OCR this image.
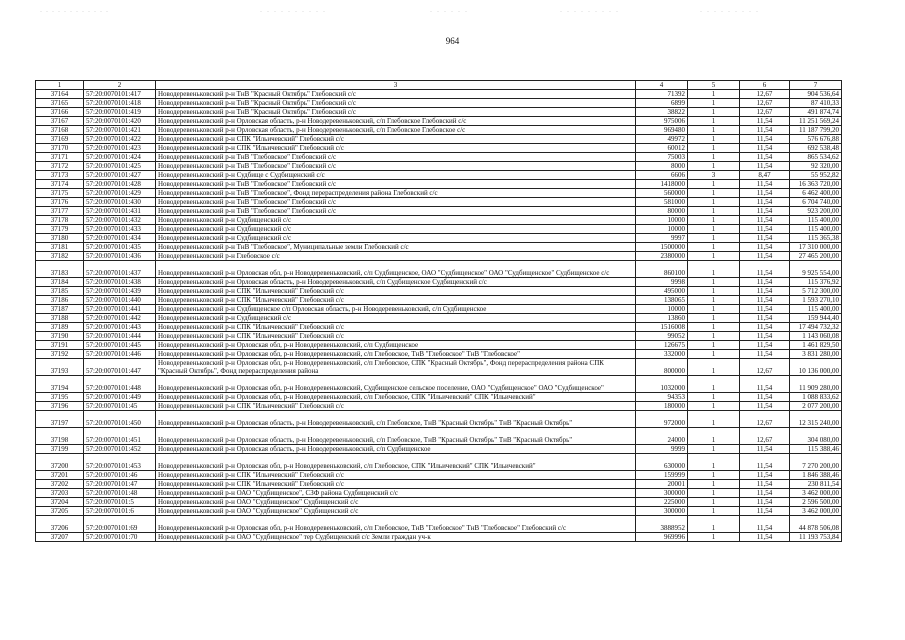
964
1	2	3	4	5	6	7
37164	57:20:0070101:417	Новодеревеньковский р-н ТнВ "Красный Октябрь" Глебовский с/с	71392	1	12,67	904 536,64
37165	57:20:0070101:418	Новодеревеньковский р-н ТнВ "Красный Октябрь" Глебовский с/с	6899	1	12,67	87 410,33
37166	57:20:0070101:419	Новодеревеньковский р-н ТнВ "Красный Октябрь" Глебовский с/с	38822	1	12,67	491 874,74
37167	57:20:0070101:420	Новодеревеньковский р-н Орловская область, р-н Новодеревеньковский, с/п Глебовское Глебовский с/с	975006	1	11,54	11 251 569,24
37168	57:20:0070101:421	Новодеревеньковский р-н Орловская область, р-н Новодеревеньковский, с/п Глебовское Глебовское с/с	969480	1	11,54	11 187 799,20
37169	57:20:0070101:422	Новодеревеньковский р-н СПК "Ильичевский" Глебовский с/с	49972	1	11,54	576 676,88
37170	57:20:0070101:423	Новодеревеньковский р-н СПК "Ильичевский" Глебовский с/с	60012	1	11,54	692 538,48
37171	57:20:0070101:424	Новодеревеньковский р-н ТнВ "Глебовское" Глебовский с/с	75003	1	11,54	865 534,62
37172	57:20:0070101:425	Новодеревеньковский р-н ТнВ "Глебовское" Глебовский с/с	8000	1	11,54	92 320,00
37173	57:20:0070101:427	Новодеревеньковский р-н Судбище с Судбищенский с/с	6606	3	8,47	55 952,82
37174	57:20:0070101:428	Новодеревеньковский р-н ТнВ "Глебовское" Глебовский с/с	1418000	1	11,54	16 363 720,00
37175	57:20:0070101:429	Новодеревеньковский р-н ТнВ "Глебовское", Фонд перераспределения района Глебовский с/с	560000	1	11,54	6 462 400,00
37176	57:20:0070101:430	Новодеревеньковский р-н ТнВ "Глебовское" Глебовский с/с	581000	1	11,54	6 704 740,00
37177	57:20:0070101:431	Новодеревеньковский р-н ТнВ "Глебовское" Глебовский с/с	80000	1	11,54	923 200,00
37178	57:20:0070101:432	Новодеревеньковский р-н Судбищенский с/с	10000	1	11,54	115 400,00
37179	57:20:0070101:433	Новодеревеньковский р-н Судбищенский с/с	10000	1	11,54	115 400,00
37180	57:20:0070101:434	Новодеревеньковский р-н Судбищенский с/с	9997	1	11,54	115 365,38
37181	57:20:0070101:435	Новодеревеньковский р-н ТнВ "Глебовское", Муниципальные земли Глебовский с/с	1500000	1	11,54	17 310 000,00
37182	57:20:0070101:436	Новодеревеньковский р-н Глебовское с/с	2380000	1	11,54	27 465 200,00
37183	57:20:0070101:437	Новодеревеньковский р-н Орловская обл, р-н Новодеревеньковский, с/п Судбищенское, ОАО "Судбищенское" ОАО "Судбищенское" Судбищенское с/с	860100	1	11,54	9 925 554,00
37184	57:20:0070101:438	Новодеревеньковский р-н Орловская область, р-н Новодеревеньковский, с/п Судбищенское Судбищенский с/с	9998	1	11,54	115 376,92
37185	57:20:0070101:439	Новодеревеньковский р-н СПК "Ильичевский" Глебовский с/с	495000	1	11,54	5 712 300,00
37186	57:20:0070101:440	Новодеревеньковский р-н СПК "Ильичевский" Глебовский с/с	138065	1	11,54	1 593 270,10
37187	57:20:0070101:441	Новодеревеньковский р-н Судбищенское с/п Орловская область, р-н Новодеревеньковский, с/п Судбищенское	10000	1	11,54	115 400,00
37188	57:20:0070101:442	Новодеревеньковский р-н Судбищенский с/с	13860	1	11,54	159 944,40
37189	57:20:0070101:443	Новодеревеньковский р-н СПК "Ильичевский" Глебовский с/с	1516008	1	11,54	17 494 732,32
37190	57:20:0070101:444	Новодеревеньковский р-н СПК "Ильичевский" Глебовский с/с	99052	1	11,54	1 143 060,08
37191	57:20:0070101:445	Новодеревеньковский р-н Орловская обл, р-н Новодеревеньковский, с/п Судбищенское	126675	1	11,54	1 461 829,50
37192	57:20:0070101:446	Новодеревеньковский р-н Орловская обл, р-н Новодеревеньковский, с/п Глебовское, ТнВ "Глебовское" ТнВ "Глебовское"	332000	1	11,54	3 831 280,00
37193	57:20:0070101:447	Новодеревеньковский р-н Орловская обл, р-н Новодеревеньковский, с/п Глебовское, СПК "Красный Октябрь", Фонд перераспределения района СПК "Красный Октябрь", Фонд перераспределения района	800000	1	12,67	10 136 000,00
37194	57:20:0070101:448	Новодеревеньковский р-н Орловская обл, р-н Новодеревеньковский, Судбищенское сельское поселение, ОАО "Судбищенское" ОАО "Судбищенское"	1032000	1	11,54	11 909 280,00
37195	57:20:0070101:449	Новодеревеньковский р-н Орловская обл, р-н Новодеревеньковский, с/п Глебовское, СПК "Ильичевский" СПК "Ильичевский"	94353	1	11,54	1 088 833,62
37196	57:20:0070101:45	Новодеревеньковский р-н СПК "Ильичевский" Глебовский с/с	180000	1	11,54	2 077 200,00
37197	57:20:0070101:450	Новодеревеньковский р-н Орловская область, р-н Новодеревеньковский, с/п Глебовское, ТнВ "Красный Октябрь" ТнВ "Красный Октябрь"	972000	1	12,67	12 315 240,00
37198	57:20:0070101:451	Новодеревеньковский р-н Орловская область, р-н Новодеревеньковский, с/п Глебовское, ТнВ "Красный Октябрь" ТнВ "Красный Октябрь"	24000	1	12,67	304 080,00
37199	57:20:0070101:452	Новодеревеньковский р-н Орловская область, р-н Новодеревеньковский, с/п Судбищенское	9999	1	11,54	115 388,46
37200	57:20:0070101:453	Новодеревеньковский р-н Орловская обл, р-н Новодеревеньковский, с/п Глебовское, СПК "Ильичевский" СПК "Ильичевский"	630000	1	11,54	7 270 200,00
37201	57:20:0070101:46	Новодеревеньковский р-н СПК "Ильичевский" Глебовский с/с	159999	1	11,54	1 846 388,46
37202	57:20:0070101:47	Новодеревеньковский р-н СПК "Ильичевский" Глебовский с/с	20001	1	11,54	230 811,54
37203	57:20:0070101:48	Новодеревеньковский р-н ОАО "Судбищенское", СЗФ района Судбищенский с/с	300000	1	11,54	3 462 000,00
37204	57:20:0070101:5	Новодеревеньковский р-н ОАО "Судбищенское" Судбищенский с/с	225000	1	11,54	2 596 500,00
37205	57:20:0070101:6	Новодеревеньковский р-н ОАО "Судбищенское" Судбищенский с/с	300000	1	11,54	3 462 000,00
37206	57:20:0070101:69	Новодеревеньковский р-н Орловская обл, р-н Новодеревеньковский, с/п Глебовское, ТнВ "Глебовское" ТнВ "Глебовское" Глебовский с/с	3888952	1	11,54	44 878 506,08
37207	57:20:0070101:70	Новодеревеньковский р-н ОАО "Судбищенское" тер Судбищенский с/с Земли граждан уч-к	969996	1	11,54	11 193 753,84
